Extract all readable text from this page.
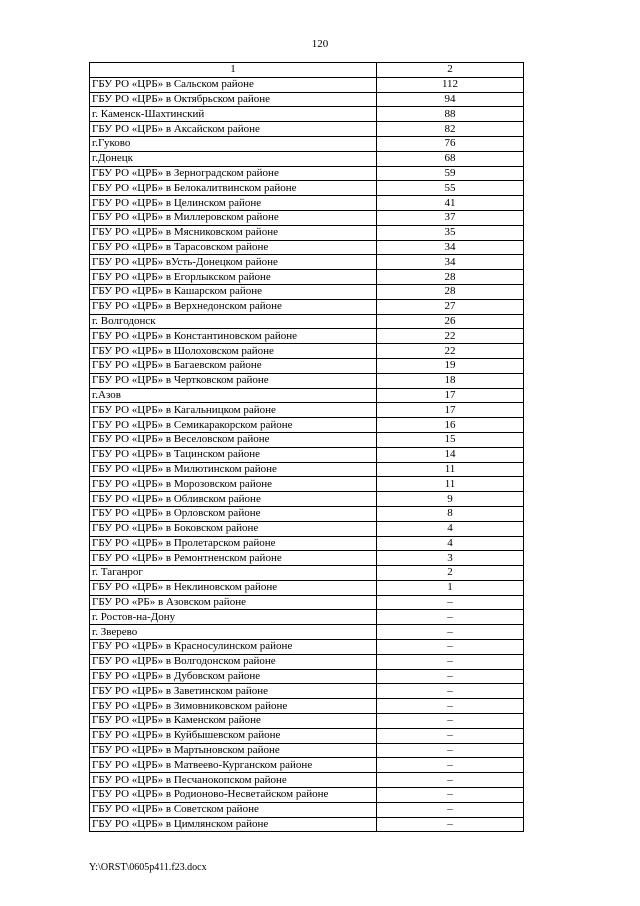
120
1	2
ГБУ РО «ЦРБ» в Сальском районе	112
ГБУ РО «ЦРБ» в Октябрьском районе	94
г. Каменск-Шахтинский	88
ГБУ РО «ЦРБ» в Аксайском районе	82
г.Гуково	76
г.Донецк	68
ГБУ РО «ЦРБ» в Зерноградском районе	59
ГБУ РО «ЦРБ» в Белокалитвинском районе	55
ГБУ РО «ЦРБ» в Целинском районе	41
ГБУ РО «ЦРБ» в Миллеровском районе	37
ГБУ РО «ЦРБ» в Мясниковском районе	35
ГБУ РО «ЦРБ» в Тарасовском районе	34
ГБУ РО «ЦРБ» вУсть-Донецком районе	34
ГБУ РО «ЦРБ» в Егорлыкском районе	28
ГБУ РО «ЦРБ» в Кашарском районе	28
ГБУ РО «ЦРБ» в Верхнедонском районе	27
г. Волгодонск	26
ГБУ РО «ЦРБ» в Константиновском районе	22
ГБУ РО «ЦРБ» в Шолоховском районе	22
ГБУ РО «ЦРБ» в Багаевском районе	19
ГБУ РО «ЦРБ» в Чертковском районе	18
г.Азов	17
ГБУ РО «ЦРБ» в Кагальницком районе	17
ГБУ РО «ЦРБ» в Семикаракорском районе	16
ГБУ РО «ЦРБ» в Веселовском районе	15
ГБУ РО «ЦРБ» в Тацинском районе	14
ГБУ РО «ЦРБ» в Милютинском районе	11
ГБУ РО «ЦРБ» в Морозовском районе	11
ГБУ РО «ЦРБ» в Обливском районе	9
ГБУ РО «ЦРБ» в Орловском районе	8
ГБУ РО «ЦРБ» в Боковском районе	4
ГБУ РО «ЦРБ» в Пролетарском районе	4
ГБУ РО «ЦРБ» в Ремонтненском районе	3
г. Таганрог	2
ГБУ РО «ЦРБ» в Неклиновском районе	1
ГБУ РО «РБ» в Азовском районе	–
г. Ростов-на-Дону	–
г. Зверево	–
ГБУ РО «ЦРБ» в Красносулинском районе	–
ГБУ РО «ЦРБ» в Волгодонском районе	–
ГБУ РО «ЦРБ» в Дубовском районе	–
ГБУ РО «ЦРБ» в Заветинском районе	–
ГБУ РО «ЦРБ» в Зимовниковском районе	–
ГБУ РО «ЦРБ» в Каменском районе	–
ГБУ РО «ЦРБ» в Куйбышевском районе	–
ГБУ РО «ЦРБ» в Мартыновском районе	–
ГБУ РО «ЦРБ» в Матвеево-Курганском районе	–
ГБУ РО «ЦРБ» в Песчанокопском районе	–
ГБУ РО «ЦРБ» в Родионово-Несветайском районе	–
ГБУ РО «ЦРБ» в Советском районе	–
ГБУ РО «ЦРБ» в Цимлянском районе	–
Y:\ORST\0605p411.f23.docx
